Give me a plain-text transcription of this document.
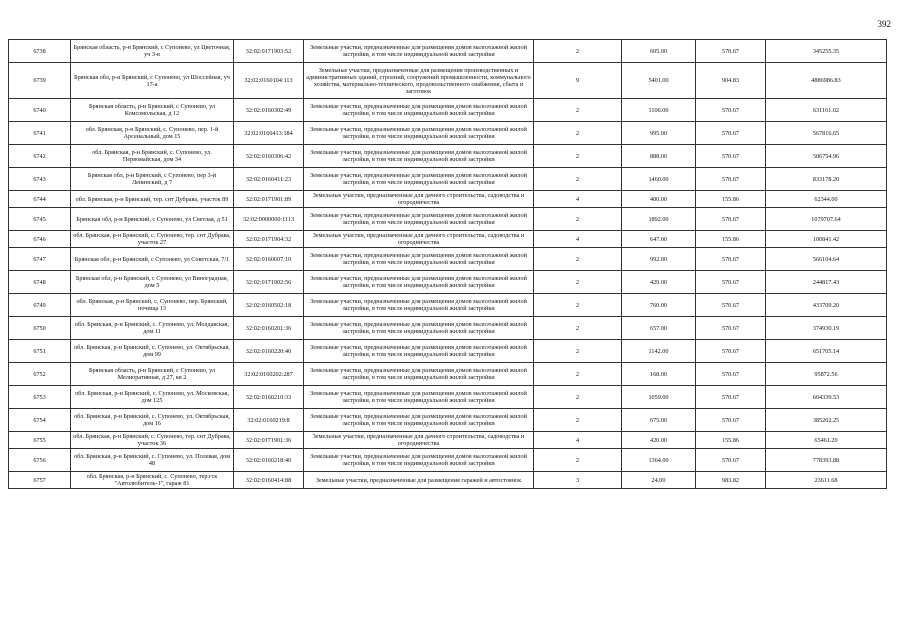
392
6738	Брянская область, р-н Брянский, с Супонево, ул Цветочная, уч 3-в	32:02:0171903:52	Земельные участки, предназначенные для размещения домов малоэтажной жилой застройки, в том числе индивидуальной жилой застройки	2	605.00	570.67	345255.35
6739	Брянская обл, р-н Брянский, с Супонево, ул Шоссейная, уч 17-а	32:02:0160104:113	Земельные участки, предназначенные для размещения производственных и административных зданий, строений, сооружений промышленности, коммунального хозяйства, материально-технического, продовольственного снабжения, сбыта и заготовок	9	5401.00	904.83	4886986.83
6740	Брянская область, р-н Брянский, с Супонево, ул Комсомольская, д 12	32:02:0160302:49	Земельные участки, предназначенные для размещения домов малоэтажной жилой застройки, в том числе индивидуальной жилой застройки	2	1106.00	570.67	631161.02
6741	обл. Брянская, р-н Брянский, с. Супонево, пер. 1-й Арсенальный, дом 15	32:02:0160413:184	Земельные участки, предназначенные для размещения домов малоэтажной жилой застройки, в том числе индивидуальной жилой застройки	2	995.00	570.67	567816.65
6742	обл. Брянская, р-н Брянский, с. Супонево, ул. Первомайская, дом 34	32:02:0160306:42	Земельные участки, предназначенные для размещения домов малоэтажной жилой застройки, в том числе индивидуальной жилой застройки	2	888.00	570.67	506754.96
6743	Брянская обл, р-н Брянский, с Супонево, пер 3-й Ленинский, д 7	32:02:0160411:23	Земельные участки, предназначенные для размещения домов малоэтажной жилой застройки, в том числе индивидуальной жилой застройки	2	1460.00	570.67	833178.20
6744	обл. Брянская, р-н Брянский, тер. снт Дубрава, участок 89	32:02:0171901:89	Земельные участки, предназначенные для дачного строительства, садоводства и огородничества	4	400.00	155.86	62344.00
6745	Брянская обл, р-н Брянский, с Супонево, ул Светлая, д 51	32:02:0000000:1113	Земельные участки, предназначенные для размещения домов малоэтажной жилой застройки, в том числе индивидуальной жилой застройки	2	1892.00	570.67	1079707.64
6746	обл. Брянская, р-н Брянский, с. Супонево, тер. снт Дубрава, участок 27	32:02:0171904:32	Земельные участки, предназначенные для дачного строительства, садоводства и огородничества	4	647.00	155.86	100841.42
6747	Брянская обл, р-н Брянский, с Супонево, ул Советская, 7/1	32:02:0160607:10	Земельные участки, предназначенные для размещения домов малоэтажной жилой застройки, в том числе индивидуальной жилой застройки	2	992.00	570.67	566104.64
6748	Брянская обл, р-н Брянский, с Супонево, ул Виноградная, дом 5	32:02:0171902:56	Земельные участки, предназначенные для размещения домов малоэтажной жилой застройки, в том числе индивидуальной жилой застройки	2	429.00	570.67	244817.43
6749	обл. Брянская, р-н Брянский, с. Супонево, пер. Брянский, почища 13	32:02:0160502:18	Земельные участки, предназначенные для размещения домов малоэтажной жилой застройки, в том числе индивидуальной жилой застройки	2	760.00	570.67	433709.20
6750	обл. Брянская, р-н Брянский, с. Супонево, ул. Молдавская, дом 11	32:02:0160201:36	Земельные участки, предназначенные для размещения домов малоэтажной жилой застройки, в том числе индивидуальной жилой застройки	2	657.00	570.67	374930.19
6751	обл. Брянская, р-н Брянский, с. Супонево, ул. Октябрьская, дом 99	32:02:0160220:40	Земельные участки, предназначенные для размещения домов малоэтажной жилой застройки, в том числе индивидуальной жилой застройки	2	1142.00	570.67	651705.14
6752	Брянская область, р-н Брянский, с Супонево, ул Мелиоративная, д 27, кв 2	32:02:0160202:287	Земельные участки, предназначенные для размещения домов малоэтажной жилой застройки, в том числе индивидуальной жилой застройки	2	168.00	570.67	95872.56
6753	обл. Брянская, р-н Брянский, с. Супонево, ул. Московская, дом 125	32:02:0160210:33	Земельные участки, предназначенные для размещения домов малоэтажной жилой застройки, в том числе индивидуальной жилой застройки	2	1059.00	570.67	604339.53
6754	обл. Брянская, р-н Брянский, с. Супонево, ул. Октябрьская, дом 16	32:02:0160219:8	Земельные участки, предназначенные для размещения домов малоэтажной жилой застройки, в том числе индивидуальной жилой застройки	2	675.00	570.67	385202.25
6755	обл. Брянская, р-н Брянский, с. Супонево, тер. снт Дубрава, участок 36	32:02:0171901:36	Земельные участки, предназначенные для дачного строительства, садоводства и огородничества	4	420.00	155.86	65461.20
6756	обл. Брянская, р-н Брянский, с. Супонево, ул. Полевая, дом 48	32:02:0160218:40	Земельные участки, предназначенные для размещения домов малоэтажной жилой застройки, в том числе индивидуальной жилой застройки	2	1364.00	570.67	778393.88
6757	обл. Брянская, р-н Брянский, с. Супонево, тер.гск "Автолюбитель-1", гараж 81	32:02:0160414:88	Земельные участки, предназначенные для размещения гаражей и автостоянок	3	24.00	983.82	23611.68
